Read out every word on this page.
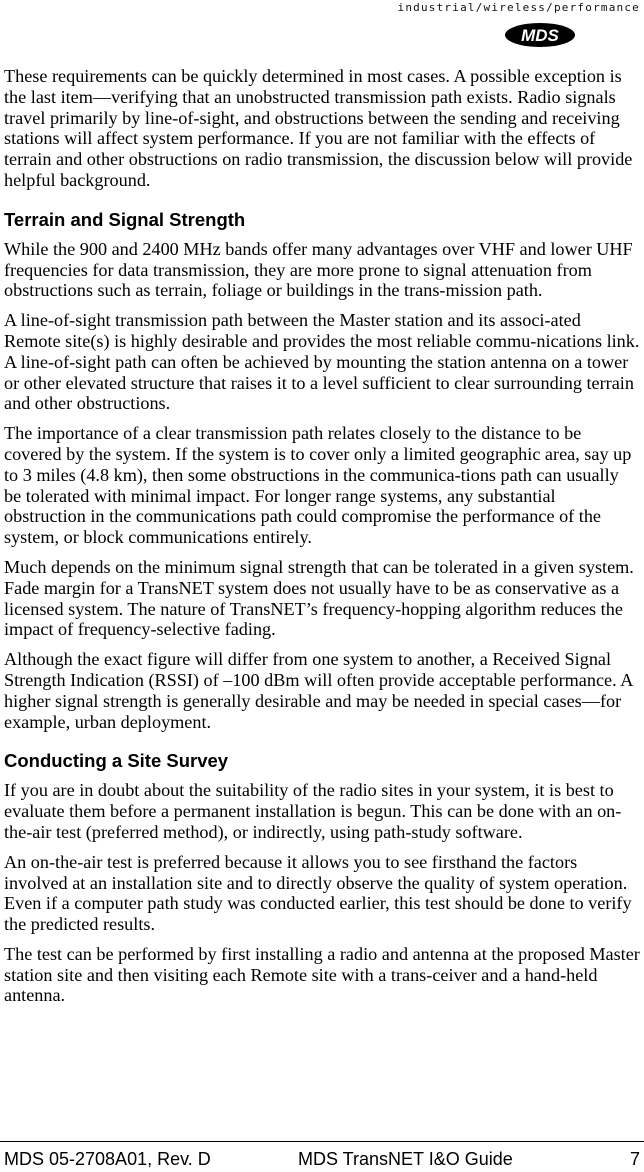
industrial/wireless/performance
MDS

These requirements can be quickly determined in most cases. A possible exception is the last item—verifying that an unobstructed transmission path exists. Radio signals travel primarily by line-of-sight, and obstructions between the sending and receiving stations will affect system performance. If you are not familiar with the effects of terrain and other obstructions on radio transmission, the discussion below will provide helpful background.

Terrain and Signal Strength

While the 900 and 2400 MHz bands offer many advantages over VHF and lower UHF frequencies for data transmission, they are more prone to signal attenuation from obstructions such as terrain, foliage or buildings in the trans-mission path.

A line-of-sight transmission path between the Master station and its associ-ated Remote site(s) is highly desirable and provides the most reliable commu-nications link. A line-of-sight path can often be achieved by mounting the station antenna on a tower or other elevated structure that raises it to a level sufficient to clear surrounding terrain and other obstructions.

The importance of a clear transmission path relates closely to the distance to be covered by the system. If the system is to cover only a limited geographic area, say up to 3 miles (4.8 km), then some obstructions in the communica-tions path can usually be tolerated with minimal impact. For longer range systems, any substantial obstruction in the communications path could compromise the performance of the system, or block communications entirely.

Much depends on the minimum signal strength that can be tolerated in a given system. Fade margin for a TransNET system does not usually have to be as conservative as a licensed system. The nature of TransNET’s frequency-hopping algorithm reduces the impact of frequency-selective fading.

Although the exact figure will differ from one system to another, a Received Signal Strength Indication (RSSI) of –100 dBm will often provide acceptable performance. A higher signal strength is generally desirable and may be needed in special cases—for example, urban deployment.

Conducting a Site Survey

If you are in doubt about the suitability of the radio sites in your system, it is best to evaluate them before a permanent installation is begun. This can be done with an on-the-air test (preferred method), or indirectly, using path-study software.

An on-the-air test is preferred because it allows you to see firsthand the factors involved at an installation site and to directly observe the quality of system operation. Even if a computer path study was conducted earlier, this test should be done to verify the predicted results.

The test can be performed by first installing a radio and antenna at the proposed Master station site and then visiting each Remote site with a trans-ceiver and a hand-held antenna.

MDS 05-2708A01, Rev. D	MDS TransNET I&O Guide	7
